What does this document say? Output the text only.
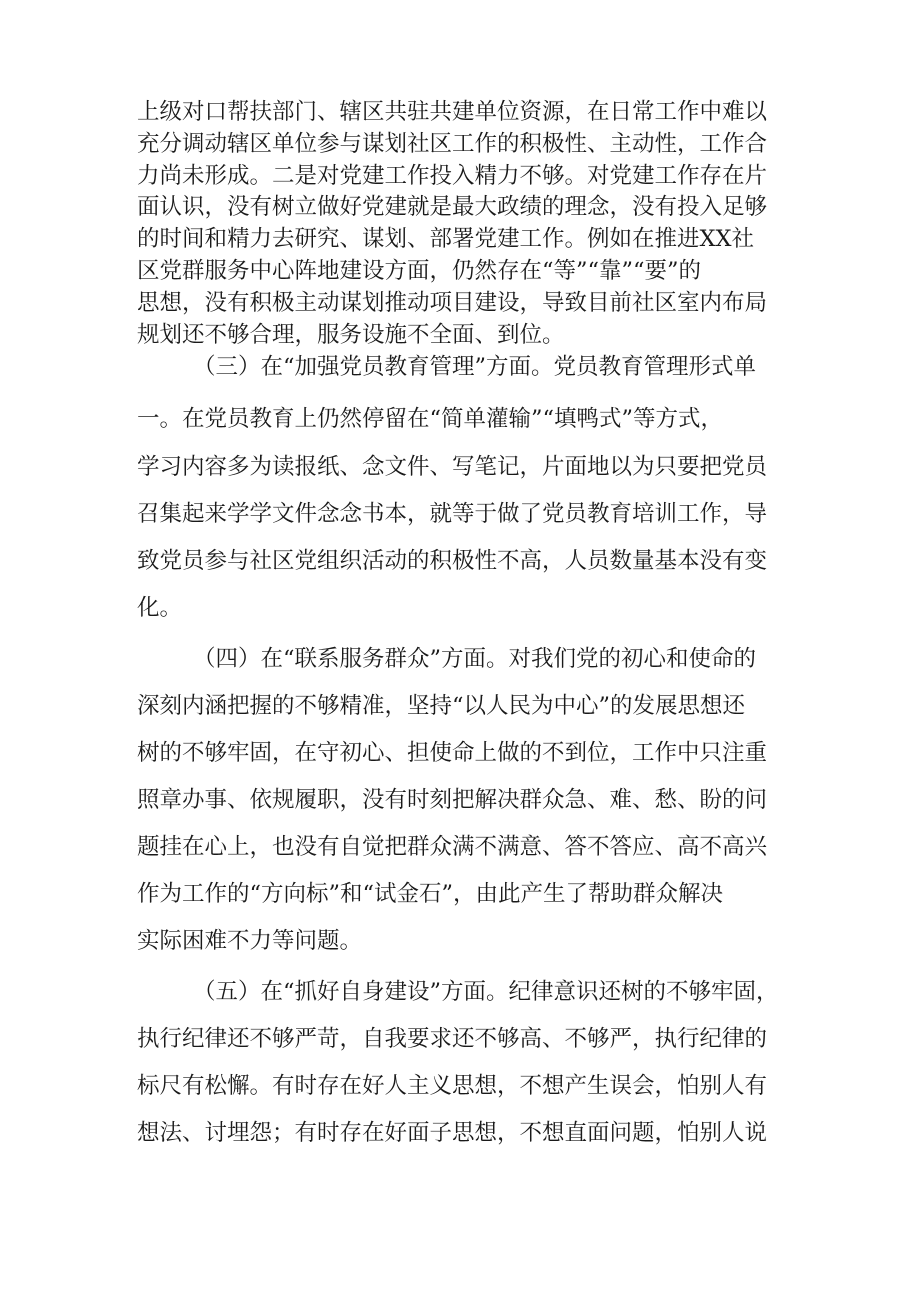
上级对口帮扶部门、辖区共驻共建单位资源，在日常工作中难以
充分调动辖区单位参与谋划社区工作的积极性、主动性，工作合
力尚未形成。二是对党建工作投入精力不够。对党建工作存在片
面认识，没有树立做好党建就是最大政绩的理念，没有投入足够
的时间和精力去研究、谋划、部署党建工作。例如在推进XX社
区党群服务中心阵地建设方面，仍然存在“等”“靠”“要”的
思想，没有积极主动谋划推动项目建设，导致目前社区室内布局
规划还不够合理，服务设施不全面、到位。
（三）在“加强党员教育管理”方面。党员教育管理形式单
一。在党员教育上仍然停留在“简单灌输”“填鸭式”等方式，
学习内容多为读报纸、念文件、写笔记，片面地以为只要把党员
召集起来学学文件念念书本，就等于做了党员教育培训工作，导
致党员参与社区党组织活动的积极性不高，人员数量基本没有变
化。
（四）在“联系服务群众”方面。对我们党的初心和使命的
深刻内涵把握的不够精准，坚持“以人民为中心”的发展思想还
树的不够牢固，在守初心、担使命上做的不到位，工作中只注重
照章办事、依规履职，没有时刻把解决群众急、难、愁、盼的问
题挂在心上，也没有自觉把群众满不满意、答不答应、高不高兴
作为工作的“方向标”和“试金石”，由此产生了帮助群众解决
实际困难不力等问题。
（五）在“抓好自身建设”方面。纪律意识还树的不够牢固，
执行纪律还不够严苛，自我要求还不够高、不够严，执行纪律的
标尺有松懈。有时存在好人主义思想，不想产生误会，怕别人有
想法、讨埋怨；有时存在好面子思想，不想直面问题，怕别人说
